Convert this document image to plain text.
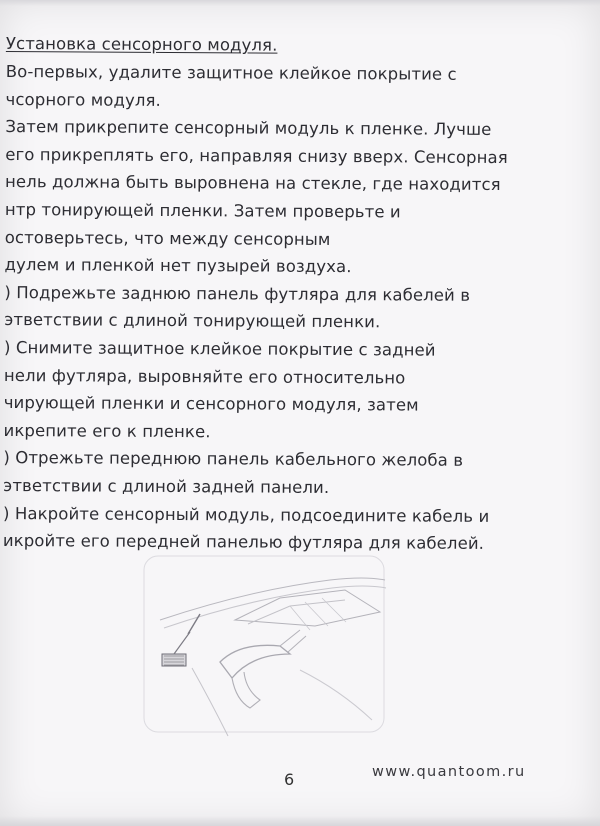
Установка сенсорного модуля.

Во-первых, удалите защитное клейкое покрытие с

чсорного модуля.

Затем прикрепите сенсорный модуль к пленке. Лучше

его прикреплять его, направляя снизу вверх. Сенсорная

нель должна быть выровнена на стекле, где находится

нтр тонирующей пленки. Затем проверьте и

остоверьтесь, что между сенсорным

дулем и пленкой нет пузырей воздуха.

) Подрежьте заднюю панель футляра для кабелей в

этветствии с длиной тонирующей пленки.

) Снимите защитное клейкое покрытие с задней

нели футляра, выровняйте его относительно

чирующей пленки и сенсорного модуля, затем

икрепите его к пленке.

) Отрежьте переднюю панель кабельного желоба в

этветствии с длиной задней панели.

) Накройте сенсорный модуль, подсоедините кабель и

икройте его передней панелью футляра для кабелей.

6	www.quantoom.ru
